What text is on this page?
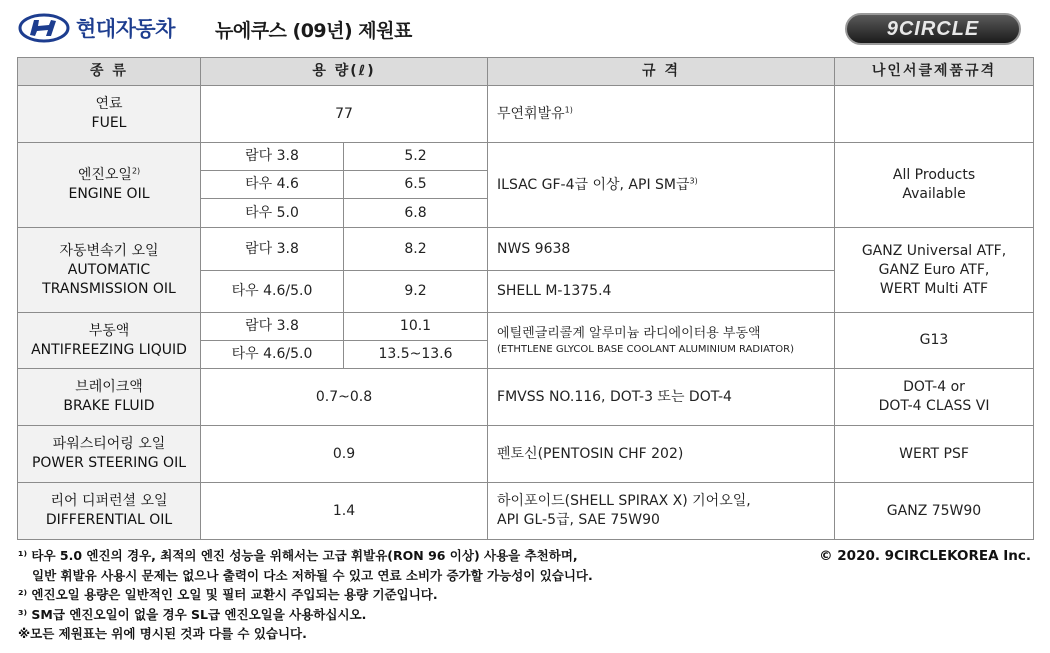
현대자동차 뉴에쿠스 (09년) 제원표	9CIRCLE
종 류	용 량(ℓ)		규 격	나인서클제품규격

연료
FUEL	77		무연휘발유$^{1)}$	

엔진오일$^{2)}$
ENGINE OIL	람다 3.8	5.2	ILSAC GF-4급 이상, API SM급$^{3)}$	All Products Available
	타우 4.6	6.5		
	타우 5.0	6.8		

자동변속기 오일
AUTOMATIC
TRANSMISSION OIL	람다 3.8	8.2	NWS 9638	GANZ Universal ATF,
GANZ Euro ATF,
WERT Multi ATF

	타우 4.6/5.0	9.2	SHELL M-1375.4	

부동액
ANTIFREEZING LIQUID	람다 3.8	10.1	에틸렌글리콜계 알루미늄 라디에이터용 부동액
(ETHTLENE GLYCOL BASE COOLANT ALUMINIUM RADIATOR)	G13
	타우 4.6/5.0	13.5~13.6		

브레이크액
BRAKE FLUID	0.7~0.8		FMVSS NO.116, DOT-3 또는 DOT-4	DOT-4 or
DOT-4 CLASS VI

파워스티어링 오일
POWER STEERING OIL	0.9		펜토신(PENTOSIN CHF 202)	WERT PSF

리어 디퍼런셜 오일
DIFFERENTIAL OIL	1.4		하이포이드(SHELL SPIRAX X) 기어오일,
API GL-5급, SAE 75W90	GANZ 75W90
¹⁾ 타우 5.0 엔진의 경우, 최적의 엔진 성능을 위해서는 고급 휘발유(RON 96 이상) 사용을 추천하며,
일반 휘발유 사용시 문제는 없으나 출력이 다소 저하될 수 있고 연료 소비가 증가할 가능성이 있습니다.
²⁾ 엔진오일 용량은 일반적인 오일 및 필터 교환시 주입되는 용량 기준입니다.
³⁾ SM급 엔진오일이 없을 경우 SL급 엔진오일을 사용하십시오.
※모든 제원표는 위에 명시된 것과 다를 수 있습니다.
© 2020. 9CIRCLEKOREA Inc.
